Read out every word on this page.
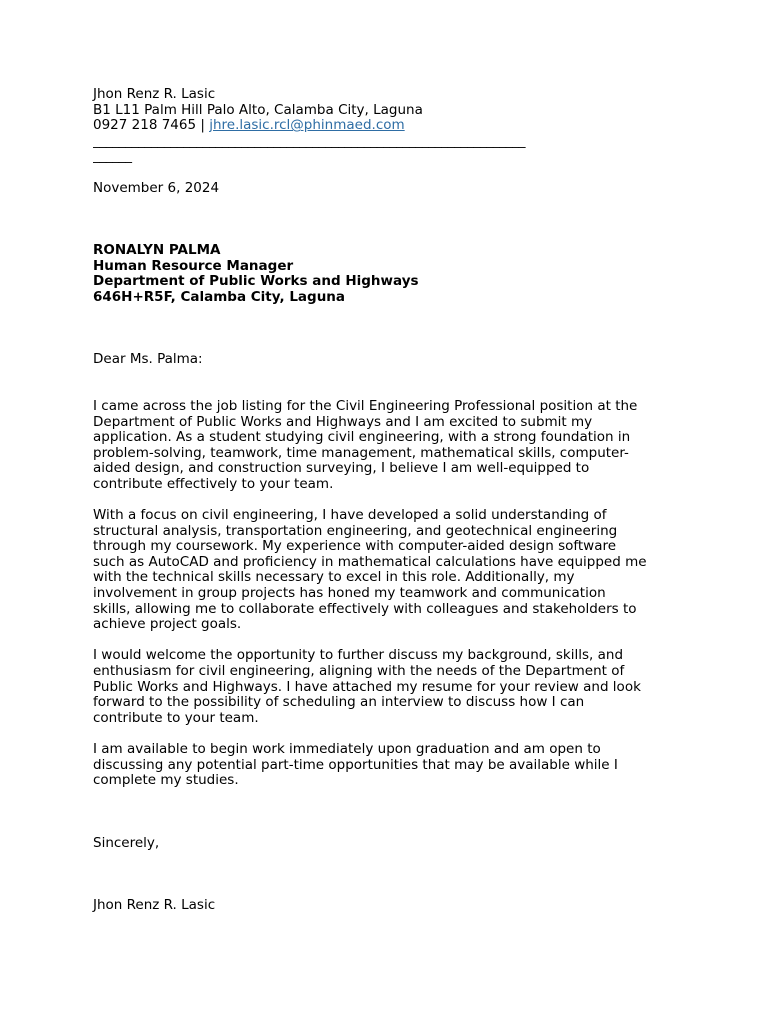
Jhon Renz R. Lasic
B1 L11 Palm Hill Palo Alto, Calamba City, Laguna
0927 218 7465 | jhre.lasic.rcl@phinmaed.com
___________________________________________________________________
______
November 6, 2024
RONALYN PALMA
Human Resource Manager
Department of Public Works and Highways
646H+R5F, Calamba City, Laguna
Dear Ms. Palma:
I came across the job listing for the Civil Engineering Professional position at the
Department of Public Works and Highways and I am excited to submit my
application. As a student studying civil engineering, with a strong foundation in
problem-solving, teamwork, time management, mathematical skills, computer-
aided design, and construction surveying, I believe I am well-equipped to
contribute effectively to your team.
With a focus on civil engineering, I have developed a solid understanding of
structural analysis, transportation engineering, and geotechnical engineering
through my coursework. My experience with computer-aided design software
such as AutoCAD and proficiency in mathematical calculations have equipped me
with the technical skills necessary to excel in this role. Additionally, my
involvement in group projects has honed my teamwork and communication
skills, allowing me to collaborate effectively with colleagues and stakeholders to
achieve project goals.
I would welcome the opportunity to further discuss my background, skills, and
enthusiasm for civil engineering, aligning with the needs of the Department of
Public Works and Highways. I have attached my resume for your review and look
forward to the possibility of scheduling an interview to discuss how I can
contribute to your team.
I am available to begin work immediately upon graduation and am open to
discussing any potential part-time opportunities that may be available while I
complete my studies.
Sincerely,
Jhon Renz R. Lasic
